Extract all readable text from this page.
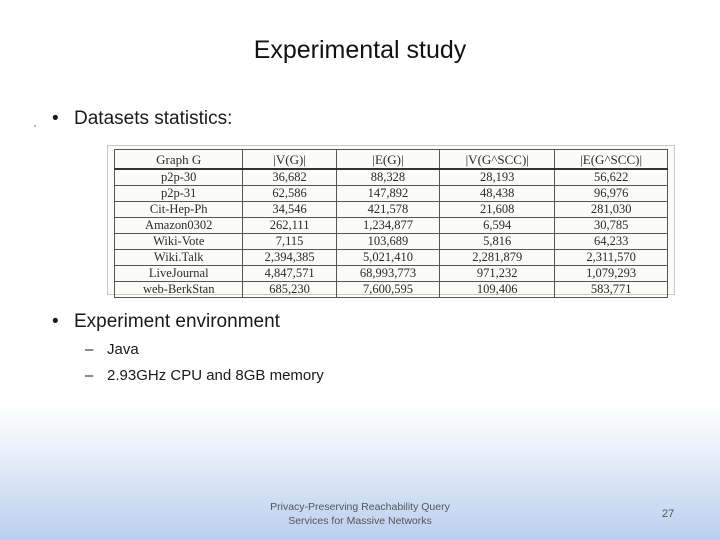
Experimental study
· • Datasets statistics:
Graph G	|V(G)|	|E(G)|	|V(G^SCC)|	|E(G^SCC)|
p2p-30	36,682	88,328	28,193	56,622
p2p-31	62,586	147,892	48,438	96,976
Cit-Hep-Ph	34,546	421,578	21,608	281,030
Amazon0302	262,111	1,234,877	6,594	30,785
Wiki-Vote	7,115	103,689	5,816	64,233
Wiki.Talk	2,394,385	5,021,410	2,281,879	2,311,570
LiveJournal	4,847,571	68,993,773	971,232	1,079,293
web-BerkStan	685,230	7,600,595	109,406	583,771
• Experiment environment
– Java
– 2.93GHz CPU and 8GB memory
Privacy-Preserving Reachability Query
Services for Massive Networks
27
